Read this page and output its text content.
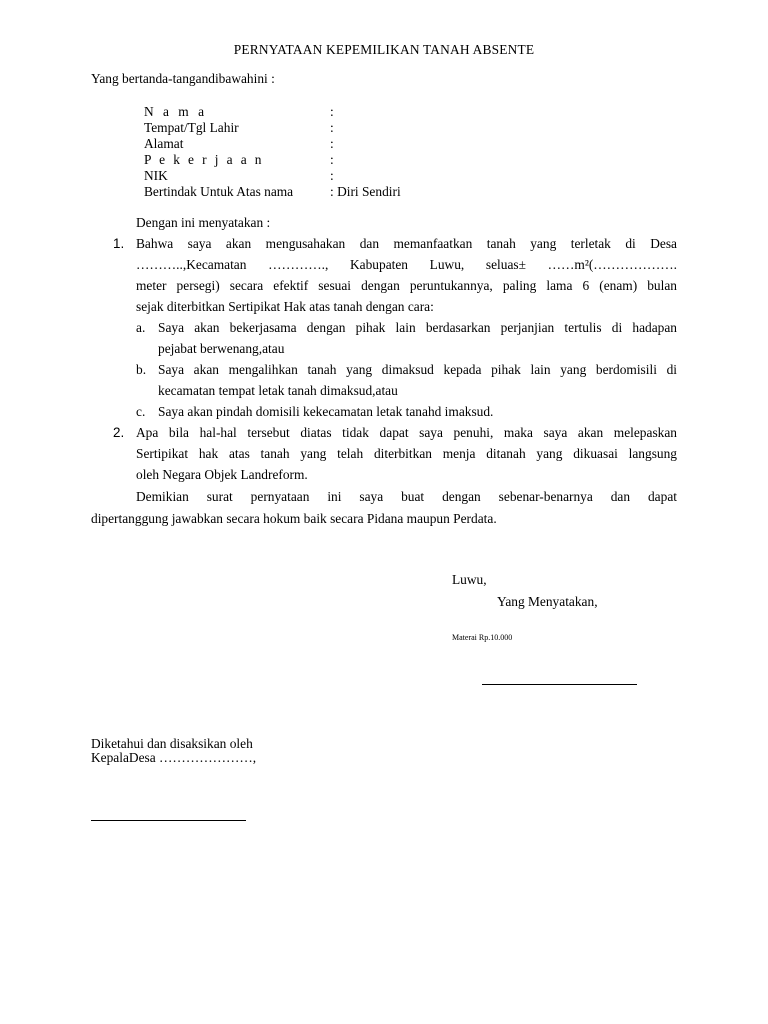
PERNYATAAN KEPEMILIKAN TANAH ABSENTE
Yang bertanda-tangandibawahini :
N a m a	:
Tempat/Tgl Lahir	:
Alamat	:
P e k e r j a a n	:
NIK	:
Bertindak Untuk Atas nama	: Diri Sendiri
Dengan ini menyatakan :
1. Bahwa saya akan mengusahakan dan memanfaatkan tanah yang terletak di Desa
………..,Kecamatan …………., Kabupaten Luwu, seluas± ……m²(……………….
meter persegi) secara efektif sesuai dengan peruntukannya, paling lama 6 (enam) bulan
sejak diterbitkan Sertipikat Hak atas tanah dengan cara:
a. Saya akan bekerjasama dengan pihak lain berdasarkan perjanjian tertulis di hadapan
pejabat berwenang,atau
b. Saya akan mengalihkan tanah yang dimaksud kepada pihak lain yang berdomisili di
kecamatan tempat letak tanah dimaksud,atau
c. Saya akan pindah domisili kekecamatan letak tanahd imaksud.
2. Apa bila hal-hal tersebut diatas tidak dapat saya penuhi, maka saya akan melepaskan
Sertipikat hak atas tanah yang telah diterbitkan menja ditanah yang dikuasai langsung
oleh Negara Objek Landreform.
Demikian surat pernyataan ini saya buat dengan sebenar-benarnya dan dapat
dipertanggung jawabkan secara hokum baik secara Pidana maupun Perdata.
Luwu,
Yang Menyatakan,
Materai Rp.10.000
Diketahui dan disaksikan oleh
KepalaDesa …………………,
